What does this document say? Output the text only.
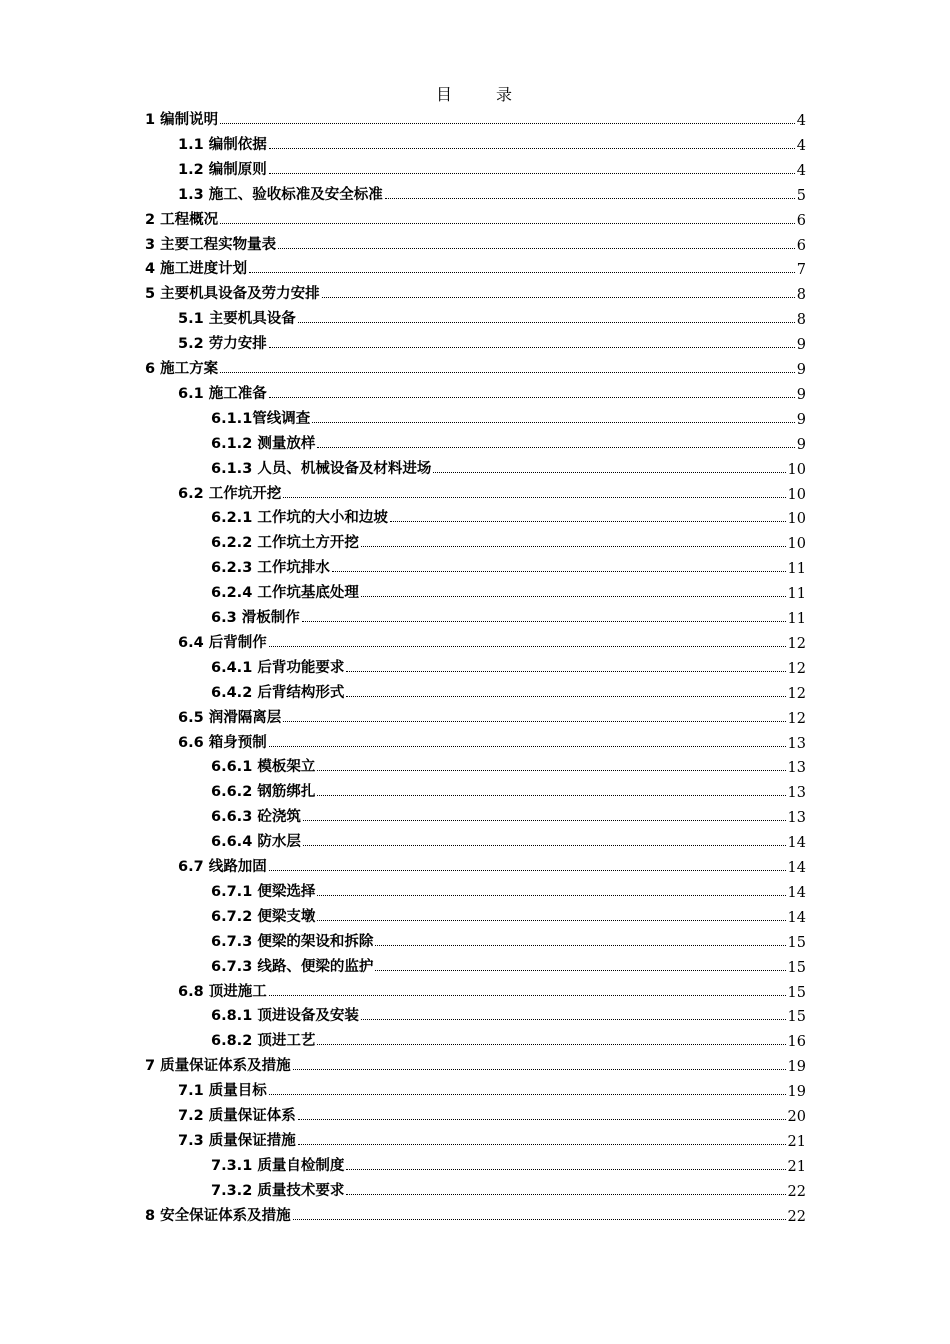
目　录
1 编制说明	4
1.1 编制依据	4
1.2 编制原则	4
1.3 施工、验收标准及安全标准	5
2 工程概况	6
3 主要工程实物量表	6
4 施工进度计划	7
5 主要机具设备及劳力安排	8
5.1 主要机具设备	8
5.2 劳力安排	9
6 施工方案	9
6.1 施工准备	9
6.1.1管线调查	9
6.1.2 测量放样	9
6.1.3 人员、机械设备及材料进场	10
6.2 工作坑开挖	10
6.2.1 工作坑的大小和边坡	10
6.2.2 工作坑土方开挖	10
6.2.3 工作坑排水	11
6.2.4 工作坑基底处理	11
6.3 滑板制作	11
6.4 后背制作	12
6.4.1 后背功能要求	12
6.4.2 后背结构形式	12
6.5 润滑隔离层	12
6.6 箱身预制	13
6.6.1 模板架立	13
6.6.2 钢筋绑扎	13
6.6.3 砼浇筑	13
6.6.4 防水层	14
6.7 线路加固	14
6.7.1 便梁选择	14
6.7.2 便梁支墩	14
6.7.3 便梁的架设和拆除	15
6.7.3 线路、便梁的监护	15
6.8 顶进施工	15
6.8.1 顶进设备及安装	15
6.8.2 顶进工艺	16
7 质量保证体系及措施	19
7.1 质量目标	19
7.2 质量保证体系	20
7.3 质量保证措施	21
7.3.1 质量自检制度	21
7.3.2 质量技术要求	22
8 安全保证体系及措施	22
